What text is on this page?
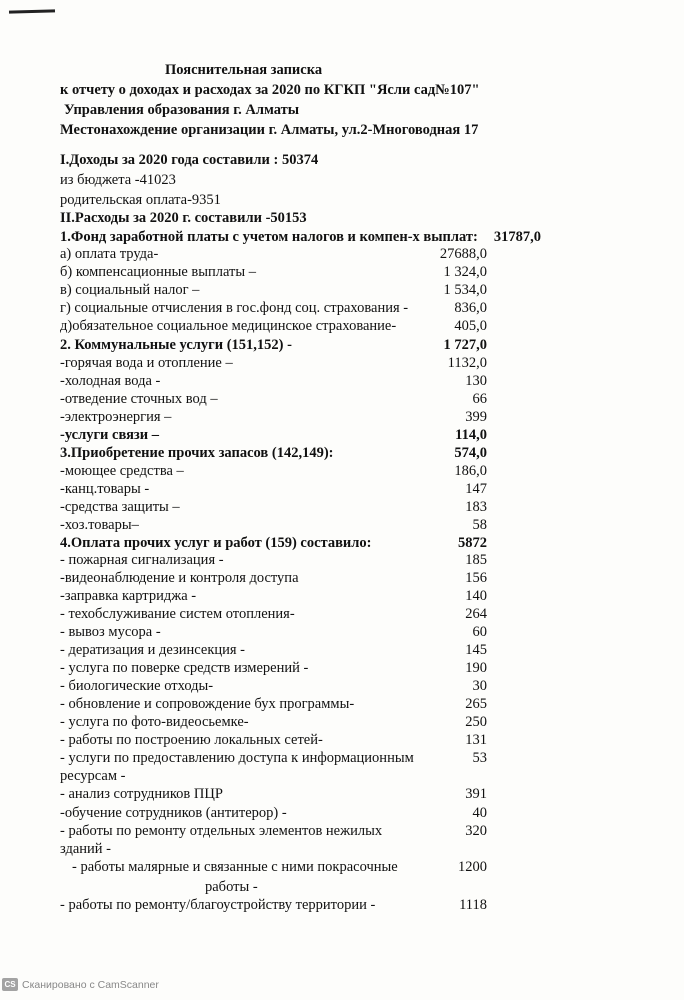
Пояснительная записка
к отчету о доходах и расходах за 2020 по КГКП "Ясли сад№107"
Управления образования г. Алматы
Местонахождение организации г. Алматы, ул.2-Многоводная 17
I.Доходы за 2020 года составили : 50374
из бюджета -41023
родительская оплата-9351
II.Расходы за 2020 г. составили -50153
1.Фонд заработной платы с учетом налогов и компен-х выплат: 31787,0
а) оплата труда-	27688,0
б) компенсационные выплаты –	1 324,0
в) социальный налог –	1 534,0
г) социальные отчисления в гос.фонд соц. страхования -	836,0
д)обязательное социальное медицинское страхование-	405,0
2. Коммунальные услуги (151,152) -	1 727,0
-горячая вода и отопление –	1132,0
-холодная вода -	130
-отведение сточных вод –	66
-электроэнергия –	399
-услуги связи –	114,0
3.Приобретение прочих запасов (142,149):	574,0
-моющее средства –	186,0
-канц.товары -	147
-средства защиты –	183
-хоз.товары–	58
4.Оплата прочих услуг и работ (159) составило:	5872
- пожарная сигнализация -	185
-видеонаблюдение и контроля доступа	156
-заправка картриджа -	140
- техобслуживание систем отопления-	264
- вывоз мусора -	60
- дератизация и дезинсекция -	145
- услуга по поверке средств измерений -	190
- биологические отходы-	30
- обновление и сопровождение бух программы-	265
- услуга по фото-видеосьемке-	250
- работы по построению локальных сетей-	131
- услуги по предоставлению доступа к информационным	53
ресурсам -
- анализ сотрудников ПЦР	391
-обучение сотрудников (антитерор) -	40
- работы по ремонту отдельных элементов нежилых	320
зданий -
- работы малярные и связанные с ними покрасочные	1200
работы -
- работы по ремонту/благоустройству территории -	1118
CS Сканировано с CamScanner
